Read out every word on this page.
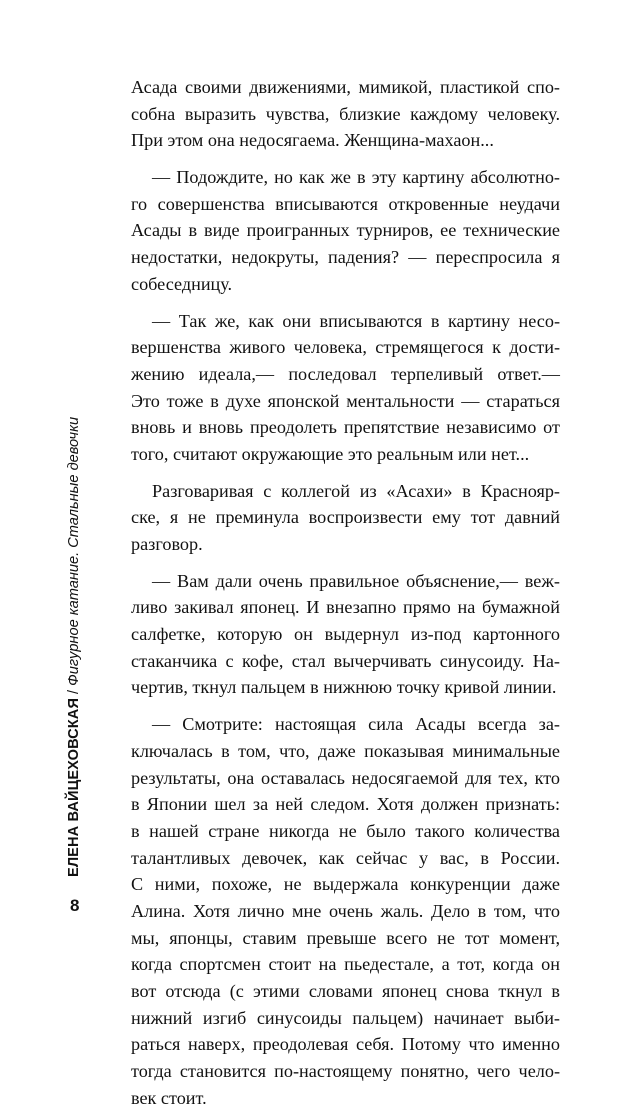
ЕЛЕНА ВАЙЦЕХОВСКАЯ/Фигурное катание. Стальные девочки
Асада своими движениями, мимикой, пластикой спо-
собна выразить чувства, близкие каждому человеку.
При этом она недосягаема. Женщина-махаон...
— Подождите, но как же в эту картину абсолютно-
го совершенства вписываются откровенные неудачи
Асады в виде проигранных турниров, ее технические
недостатки, недокруты, падения? — переспросила я
собеседницу.
— Так же, как они вписываются в картину несо-
вершенства живого человека, стремящегося к дости-
жению идеала,— последовал терпеливый ответ.—
Это тоже в духе японской ментальности — стараться
вновь и вновь преодолеть препятствие независимо от
того, считают окружающие это реальным или нет...
Разговаривая с коллегой из «Асахи» в Краснояр-
ске, я не преминула воспроизвести ему тот давний
разговор.
— Вам дали очень правильное объяснение,— веж-
ливо закивал японец. И внезапно прямо на бумажной
салфетке, которую он выдернул из-под картонного
стаканчика с кофе, стал вычерчивать синусоиду. На-
чертив, ткнул пальцем в нижнюю точку кривой линии.
— Смотрите: настоящая сила Асады всегда за-
ключалась в том, что, даже показывая минимальные
результаты, она оставалась недосягаемой для тех, кто
в Японии шел за ней следом. Хотя должен признать:
в нашей стране никогда не было такого количества
талантливых девочек, как сейчас у вас, в России.
С ними, похоже, не выдержала конкуренции даже
Алина. Хотя лично мне очень жаль. Дело в том, что
мы, японцы, ставим превыше всего не тот момент,
когда спортсмен стоит на пьедестале, а тот, когда он
вот отсюда (с этими словами японец снова ткнул в
нижний изгиб синусоиды пальцем) начинает выби-
раться наверх, преодолевая себя. Потому что именно
тогда становится по-настоящему понятно, чего чело-
век стоит.
8
